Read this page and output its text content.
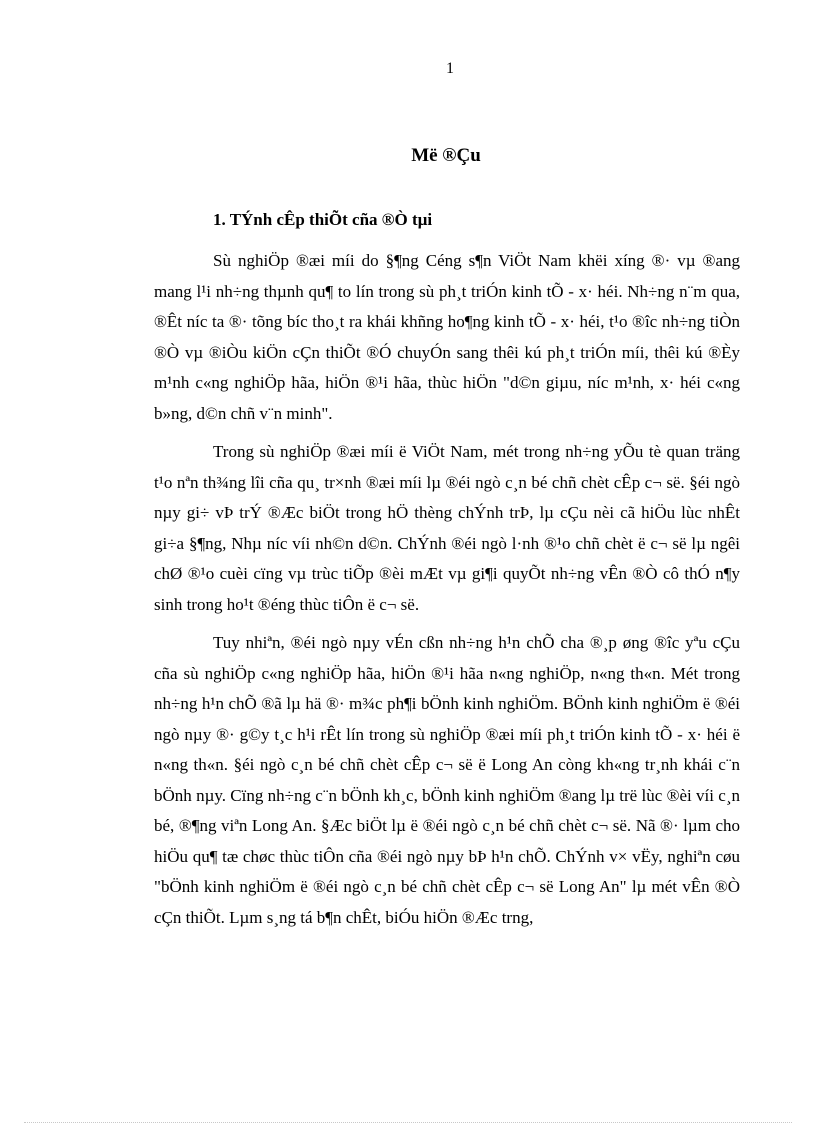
1
Më ®Çu
1. TÝnh cÊp thiÕt cña ®Ò tµi

Sù nghiÖp ®æi míi do §¶ng Céng s¶n ViÖt Nam khëi xíng ®· vµ ®ang mang l¹i nh÷ng thµnh qu¶ to lín trong sù ph¸t triÓn kinh tÕ - x· héi. Nh÷ng n¨m qua, ®Êt níc ta ®· tõng bíc tho¸t ra khái khñng ho¶ng kinh tÕ - x· héi, t¹o ®îc nh÷ng tiÒn ®Ò vµ ®iÒu kiÖn cÇn thiÕt ®Ó chuyÓn sang thêi kú ph¸t triÓn míi, thêi kú ®Èy m¹nh c«ng nghiÖp hãa, hiÖn ®¹i hãa, thùc hiÖn "d©n giµu, níc m¹nh, x· héi c«ng b»ng, d©n chñ v¨n minh".

Trong sù nghiÖp ®æi míi ë ViÖt Nam, mét trong nh÷ng yÕu tè quan träng t¹o nªn th¾ng lîi cña qu¸ tr×nh ®æi míi lµ ®éi ngò c¸n bé chñ chèt cÊp c¬ së. §éi ngò nµy gi÷ vÞ trÝ ®Æc biÖt trong hÖ thèng chÝnh trÞ, lµ cÇu nèi cã hiÖu lùc nhÊt gi÷a §¶ng, Nhµ níc víi nh©n d©n. ChÝnh ®éi ngò l·nh ®¹o chñ chèt ë c¬ së lµ ngêi chØ ®¹o cuèi cïng vµ trùc tiÕp ®èi mÆt vµ gi¶i quyÕt nh÷ng vÊn ®Ò cô thÓ n¶y sinh trong ho¹t ®éng thùc tiÔn ë c¬ së.

Tuy nhiªn, ®éi ngò nµy vÉn cßn nh÷ng h¹n chÕ cha ®¸p øng ®îc yªu cÇu cña sù nghiÖp c«ng nghiÖp hãa, hiÖn ®¹i hãa n«ng nghiÖp, n«ng th«n. Mét trong nh÷ng h¹n chÕ ®ã lµ hä ®· m¾c ph¶i bÖnh kinh nghiÖm. BÖnh kinh nghiÖm ë ®éi ngò nµy ®· g©y t¸c h¹i rÊt lín trong sù nghiÖp ®æi míi ph¸t triÓn kinh tÕ - x· héi ë n«ng th«n. §éi ngò c¸n bé chñ chèt cÊp c¬ së ë Long An còng kh«ng tr¸nh khái c¨n bÖnh nµy. Cïng nh÷ng c¨n bÖnh kh¸c, bÖnh kinh nghiÖm ®ang lµ trë lùc ®èi víi c¸n bé, ®¶ng viªn Long An. §Æc biÖt lµ ë ®éi ngò c¸n bé chñ chèt c¬ së. Nã ®· lµm cho hiÖu qu¶ tæ chøc thùc tiÔn cña ®éi ngò nµy bÞ h¹n chÕ. ChÝnh v× vËy, nghiªn cøu "bÖnh kinh nghiÖm ë ®éi ngò c¸n bé chñ chèt cÊp c¬ së Long An" lµ mét vÊn ®Ò cÇn thiÕt. Lµm s¸ng tá b¶n chÊt, biÓu hiÖn ®Æc trng,
